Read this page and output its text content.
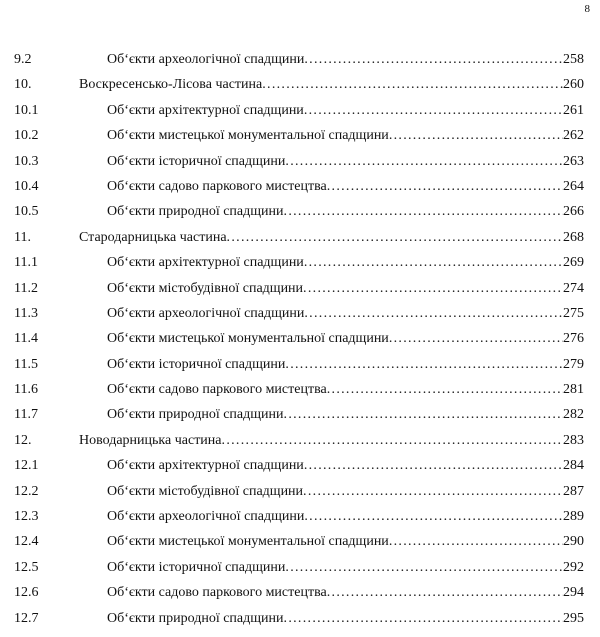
8
9.2	Об‘єкти археологічної спадщини .....	258
10.	Воскресенсько-Лісова частина .....	260
10.1	Об‘єкти архітектурної спадщини .....	261
10.2	Об‘єкти мистецької монументальної спадщини .....	262
10.3	Об‘єкти історичної спадщини .....	263
10.4	Об‘єкти садово паркового мистецтва .....	264
10.5	Об‘єкти природної спадщини .....	266
11.	Стародарницька частина .....	268
11.1	Об‘єкти архітектурної спадщини .....	269
11.2	Об‘єкти містобудівної спадщини .....	274
11.3	Об‘єкти археологічної спадщини .....	275
11.4	Об‘єкти мистецької монументальної спадщини .....	276
11.5	Об‘єкти історичної спадщини .....	279
11.6	Об‘єкти садово паркового мистецтва .....	281
11.7	Об‘єкти природної спадщини .....	282
12.	Новодарницька частина .....	283
12.1	Об‘єкти архітектурної спадщини .....	284
12.2	Об‘єкти містобудівної спадщини .....	287
12.3	Об‘єкти археологічної спадщини .....	289
12.4	Об‘єкти мистецької монументальної спадщини .....	290
12.5	Об‘єкти історичної спадщини .....	292
12.6	Об‘єкти садово паркового мистецтва .....	294
12.7	Об‘єкти природної спадщини .....	295
